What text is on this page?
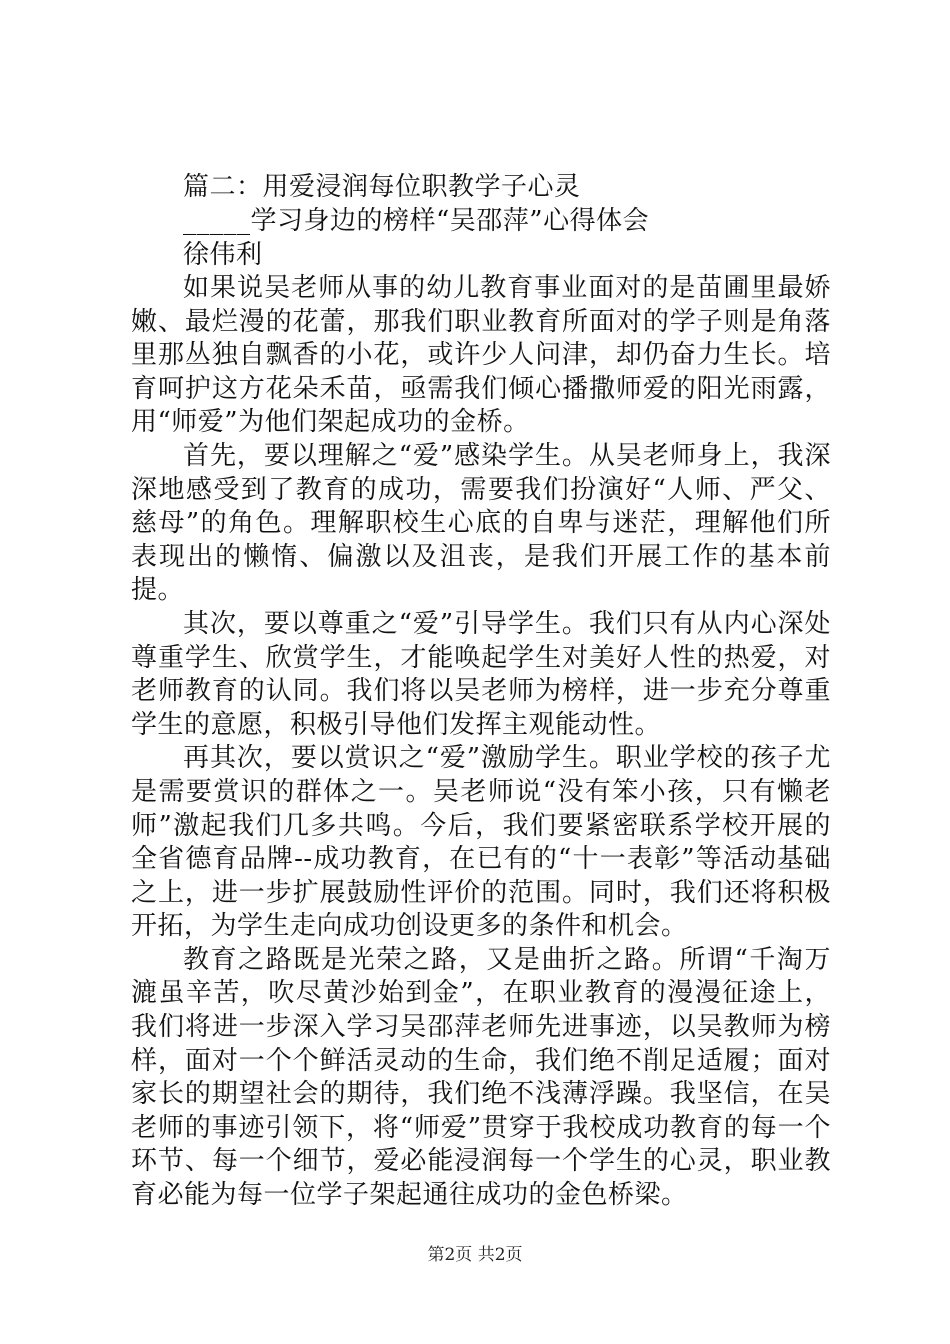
篇二：用爱浸润每位职教学子心灵
_____学习身边的榜样“吴邵萍”心得体会
徐伟利

如果说吴老师从事的幼儿教育事业面对的是苗圃里最娇嫩、最烂漫的花蕾，那我们职业教育所面对的学子则是角落里那丛独自飘香的小花，或许少人问津，却仍奋力生长。培育呵护这方花朵禾苗，亟需我们倾心播撒师爱的阳光雨露，用“师爱”为他们架起成功的金桥。

首先，要以理解之“爱”感染学生。从吴老师身上，我深深地感受到了教育的成功，需要我们扮演好“人师、严父、慈母”的角色。理解职校生心底的自卑与迷茫，理解他们所表现出的懒惰、偏激以及沮丧，是我们开展工作的基本前提。

其次，要以尊重之“爱”引导学生。我们只有从内心深处尊重学生、欣赏学生，才能唤起学生对美好人性的热爱，对老师教育的认同。我们将以吴老师为榜样，进一步充分尊重学生的意愿，积极引导他们发挥主观能动性。

再其次，要以赏识之“爱”激励学生。职业学校的孩子尤是需要赏识的群体之一。吴老师说“没有笨小孩，只有懒老师”激起我们几多共鸣。今后，我们要紧密联系学校开展的全省德育品牌--成功教育，在已有的“十一表彰”等活动基础之上，进一步扩展鼓励性评价的范围。同时，我们还将积极开拓，为学生走向成功创设更多的条件和机会。

教育之路既是光荣之路，又是曲折之路。所谓“千淘万漉虽辛苦，吹尽黄沙始到金”，在职业教育的漫漫征途上，我们将进一步深入学习吴邵萍老师先进事迹，以吴教师为榜样，面对一个个鲜活灵动的生命，我们绝不削足适履；面对家长的期望社会的期待，我们绝不浅薄浮躁。我坚信，在吴老师的事迹引领下，将“师爱”贯穿于我校成功教育的每一个环节、每一个细节，爱必能浸润每一个学生的心灵，职业教育必能为每一位学子架起通往成功的金色桥梁。

第2页 共2页
